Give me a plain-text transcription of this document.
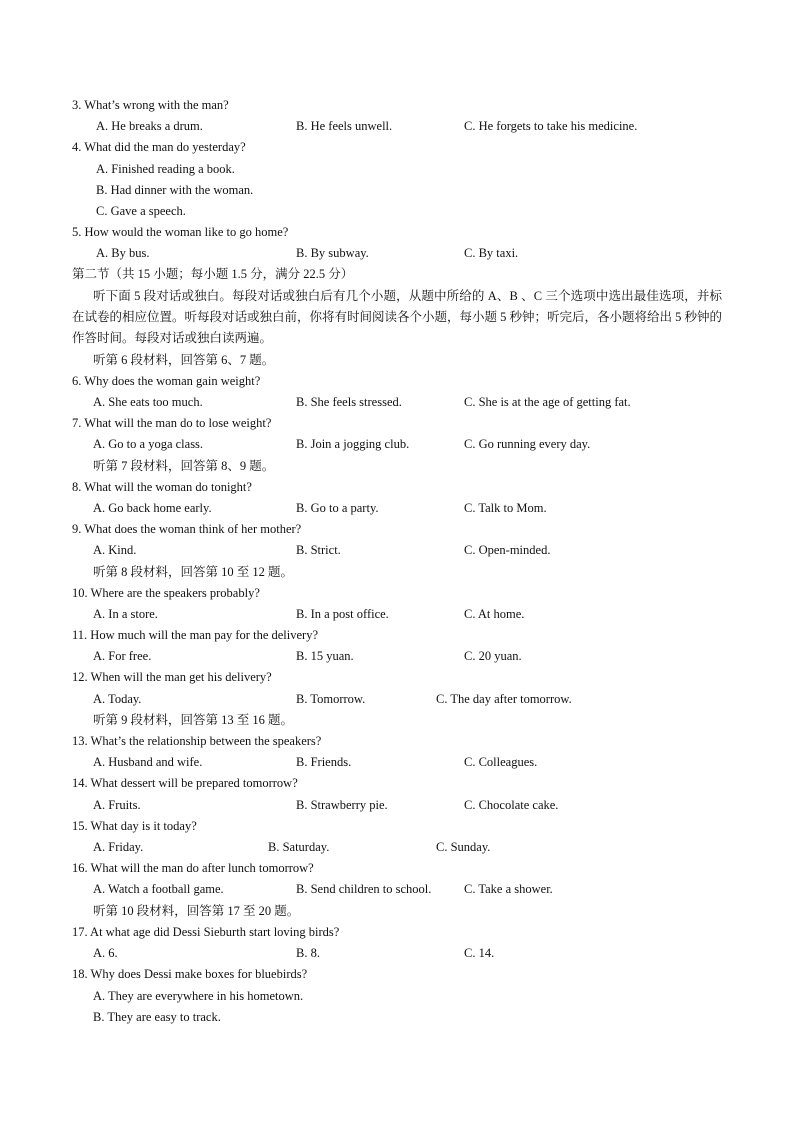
3. What’s wrong with the man?
A. He breaks a drum.	B. He feels unwell.	C. He forgets to take his medicine.
4. What did the man do yesterday?
A. Finished reading a book.
B. Had dinner with the woman.
C. Gave a speech.
5. How would the woman like to go home?
A. By bus.	B. By subway.	C. By taxi.
第二节（共 15 小题；每小题 1.5 分，满分 22.5 分）
听下面 5 段对话或独白。每段对话或独白后有几个小题，从题中所给的 A、B 、C 三个选项中选出最佳选项，并标在试卷的相应位置。听每段对话或独白前，你将有时间阅读各个小题，每小题 5 秒钟；听完后，各小题将给出 5 秒钟的作答时间。每段对话或独白读两遍。
听第 6 段材料，回答第 6、7 题。
6. Why does the woman gain weight?
A. She eats too much.	B. She feels stressed.	C. She is at the age of getting fat.
7. What will the man do to lose weight?
A. Go to a yoga class.	B. Join a jogging club.	C. Go running every day.
听第 7 段材料，回答第 8、9 题。
8. What will the woman do tonight?
A. Go back home early.	B. Go to a party.	C. Talk to Mom.
9. What does the woman think of her mother?
A. Kind.	B. Strict.	C. Open-minded.
听第 8 段材料，回答第 10 至 12 题。
10. Where are the speakers probably?
A. In a store.	B. In a post office.	C. At home.
11. How much will the man pay for the delivery?
A. For free.	B. 15 yuan.	C. 20 yuan.
12. When will the man get his delivery?
A. Today.	B. Tomorrow.	C. The day after tomorrow.
听第 9 段材料，回答第 13 至 16 题。
13. What’s the relationship between the speakers?
A. Husband and wife.	B. Friends.	C. Colleagues.
14. What dessert will be prepared tomorrow?
A. Fruits.	B. Strawberry pie.	C. Chocolate cake.
15. What day is it today?
A. Friday.	B. Saturday.	C. Sunday.
16. What will the man do after lunch tomorrow?
A. Watch a football game.	B. Send children to school.	C. Take a shower.
听第 10 段材料，回答第 17 至 20 题。
17. At what age did Dessi Sieburth start loving birds?
A. 6.	B. 8.	C. 14.
18. Why does Dessi make boxes for bluebirds?
A. They are everywhere in his hometown.
B. They are easy to track.
